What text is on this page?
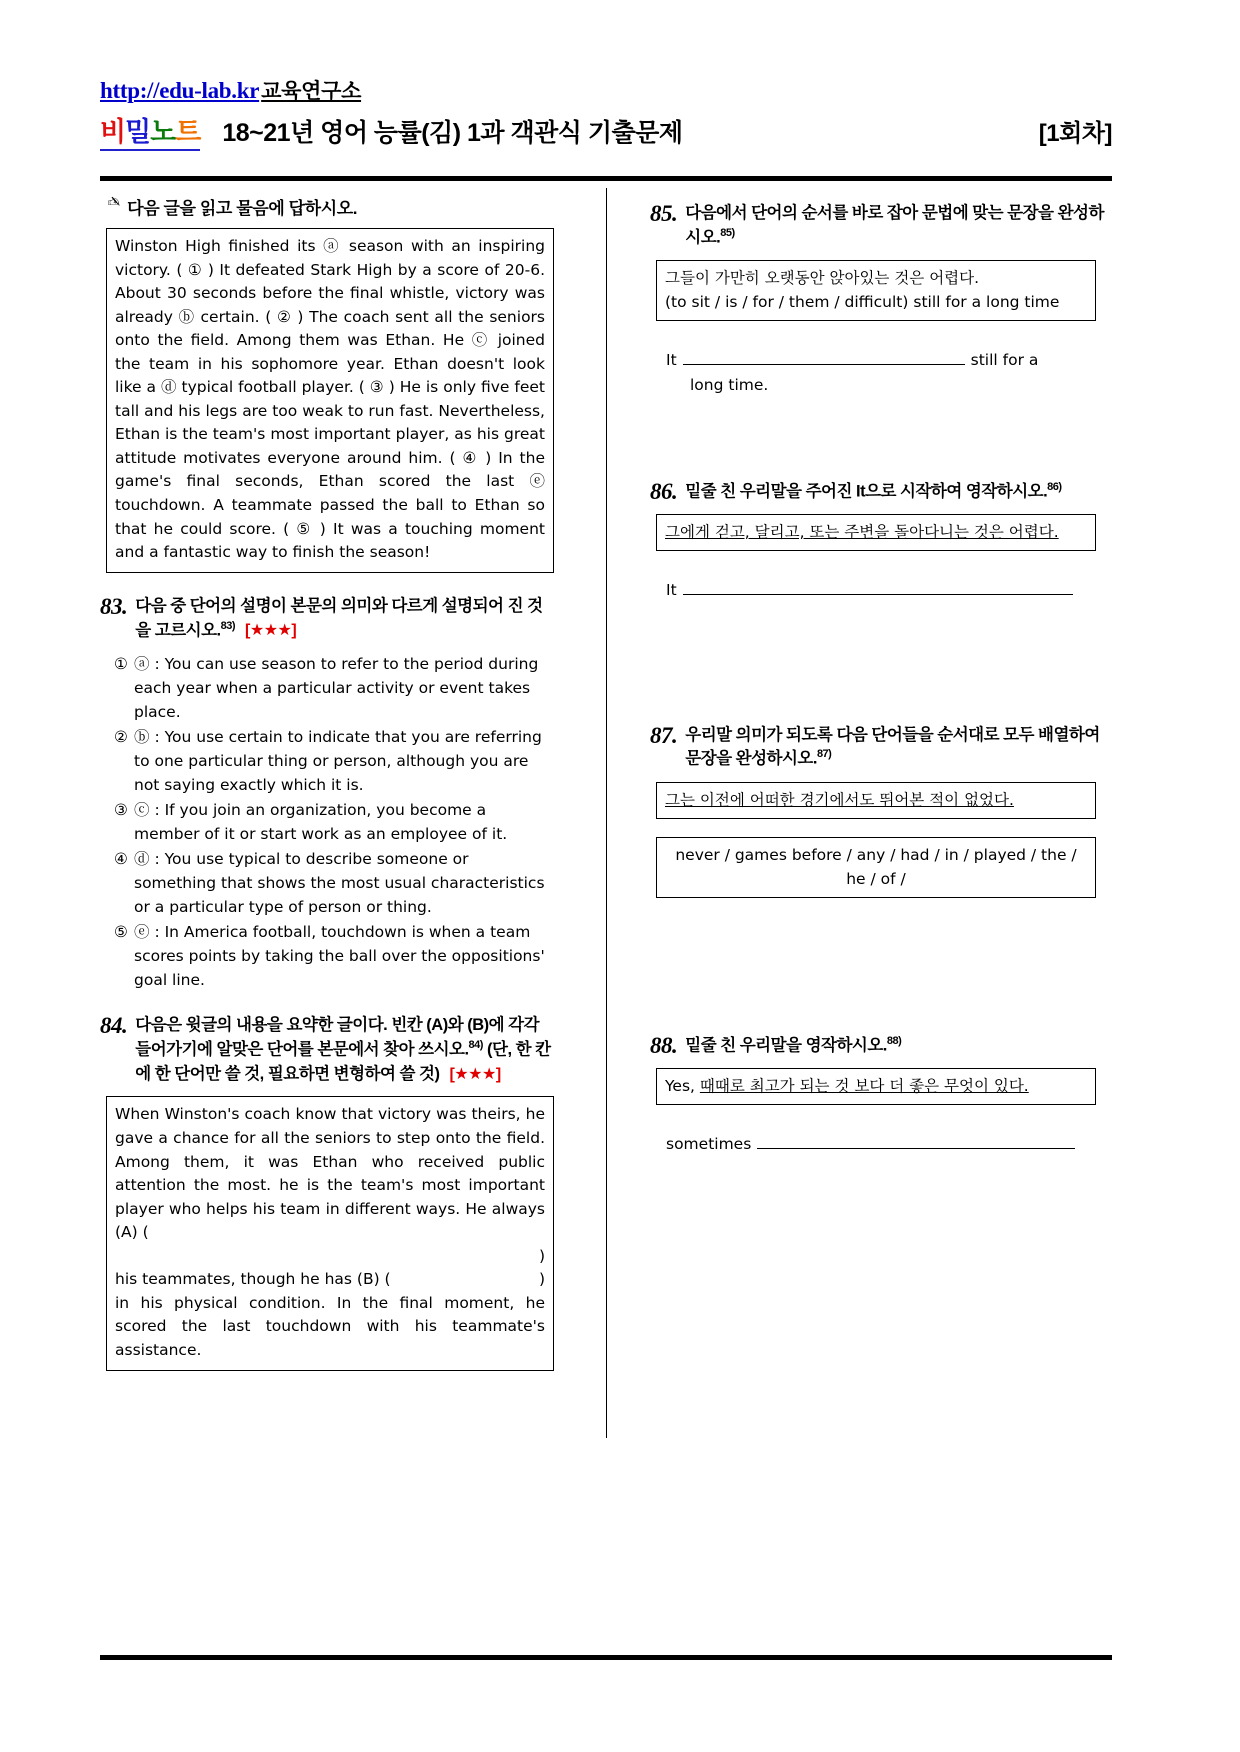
http://edu-lab.kr교육연구소
비밀노트 18~21년 영어 능률(김) 1과 객관식 기출문제	[1회차]
✍ 다음 글을 읽고 물음에 답하시오.

Winston High finished its ⓐ season with an inspiring victory. ( ① ) It defeated Stark High by a score of 20-6. About 30 seconds before the final whistle, victory was already ⓑ certain. ( ② ) The coach sent all the seniors onto the field. Among them was Ethan. He ⓒ joined the team in his sophomore year. Ethan doesn't look like a ⓓ typical football player. ( ③ ) He is only five feet tall and his legs are too weak to run fast. Nevertheless, Ethan is the team's most important player, as his great attitude motivates everyone around him. ( ④ ) In the game's final seconds, Ethan scored the last ⓔ touchdown. A teammate passed the ball to Ethan so that he could score. ( ⑤ ) It was a touching moment and a fantastic way to finish the season!

83. 다음 중 단어의 설명이 본문의 의미와 다르게 설명되어 진 것을 고르시오.$^{83)}$ [★★★]
① ⓐ : You can use season to refer to the period during each year when a particular activity or event takes place.
② ⓑ : You use certain to indicate that you are referring to one particular thing or person, although you are not saying exactly which it is.
③ ⓒ : If you join an organization, you become a member of it or start work as an employee of it.
④ ⓓ : You use typical to describe someone or something that shows the most usual characteristics or a particular type of person or thing.
⑤ ⓔ : In America football, touchdown is when a team scores points by taking the ball over the oppositions' goal line.
84. 다음은 윗글의 내용을 요약한 글이다. 빈칸 (A)와 (B)에 각각 들어가기에 알맞은 단어를 본문에서 찾아 쓰시오.$^{84)}$ (단, 한 칸에 한 단어만 쓸 것, 필요하면 변형하여 쓸 것) [★★★]

When Winston's coach know that victory was theirs, he gave a chance for all the seniors to step onto the field. Among them, it was Ethan who received public attention the most. he is the team's most important player who helps his team in different ways. He always (A) (

)

his teammates, though he has (B) (	)

in his physical condition. In the final moment, he scored the last touchdown with his teammate's assistance.

85. 다음에서 단어의 순서를 바로 잡아 문법에 맞는 문장을 완성하시오.$^{85)}$

그들이 가만히 오랫동안 앉아있는 것은 어렵다.

(to sit / is / for / them / difficult) still for a long time

It	still for a
long time.
86. 밑줄 친 우리말을 주어진 It으로 시작하여 영작하시오.$^{86)}$

그에게 걷고, 달리고, 또는 주변을 돌아다니는 것은 어렵다.

It
87. 우리말 의미가 되도록 다음 단어들을 순서대로 모두 배열하여 문장을 완성하시오.$^{87)}$

그는 이전에 어떠한 경기에서도 뛰어본 적이 없었다.

never / games before / any / had / in / played / the / he / of /

88. 밑줄 친 우리말을 영작하시오.$^{88)}$

Yes, 때때로 최고가 되는 것 보다 더 좋은 무엇이 있다.

sometimes
